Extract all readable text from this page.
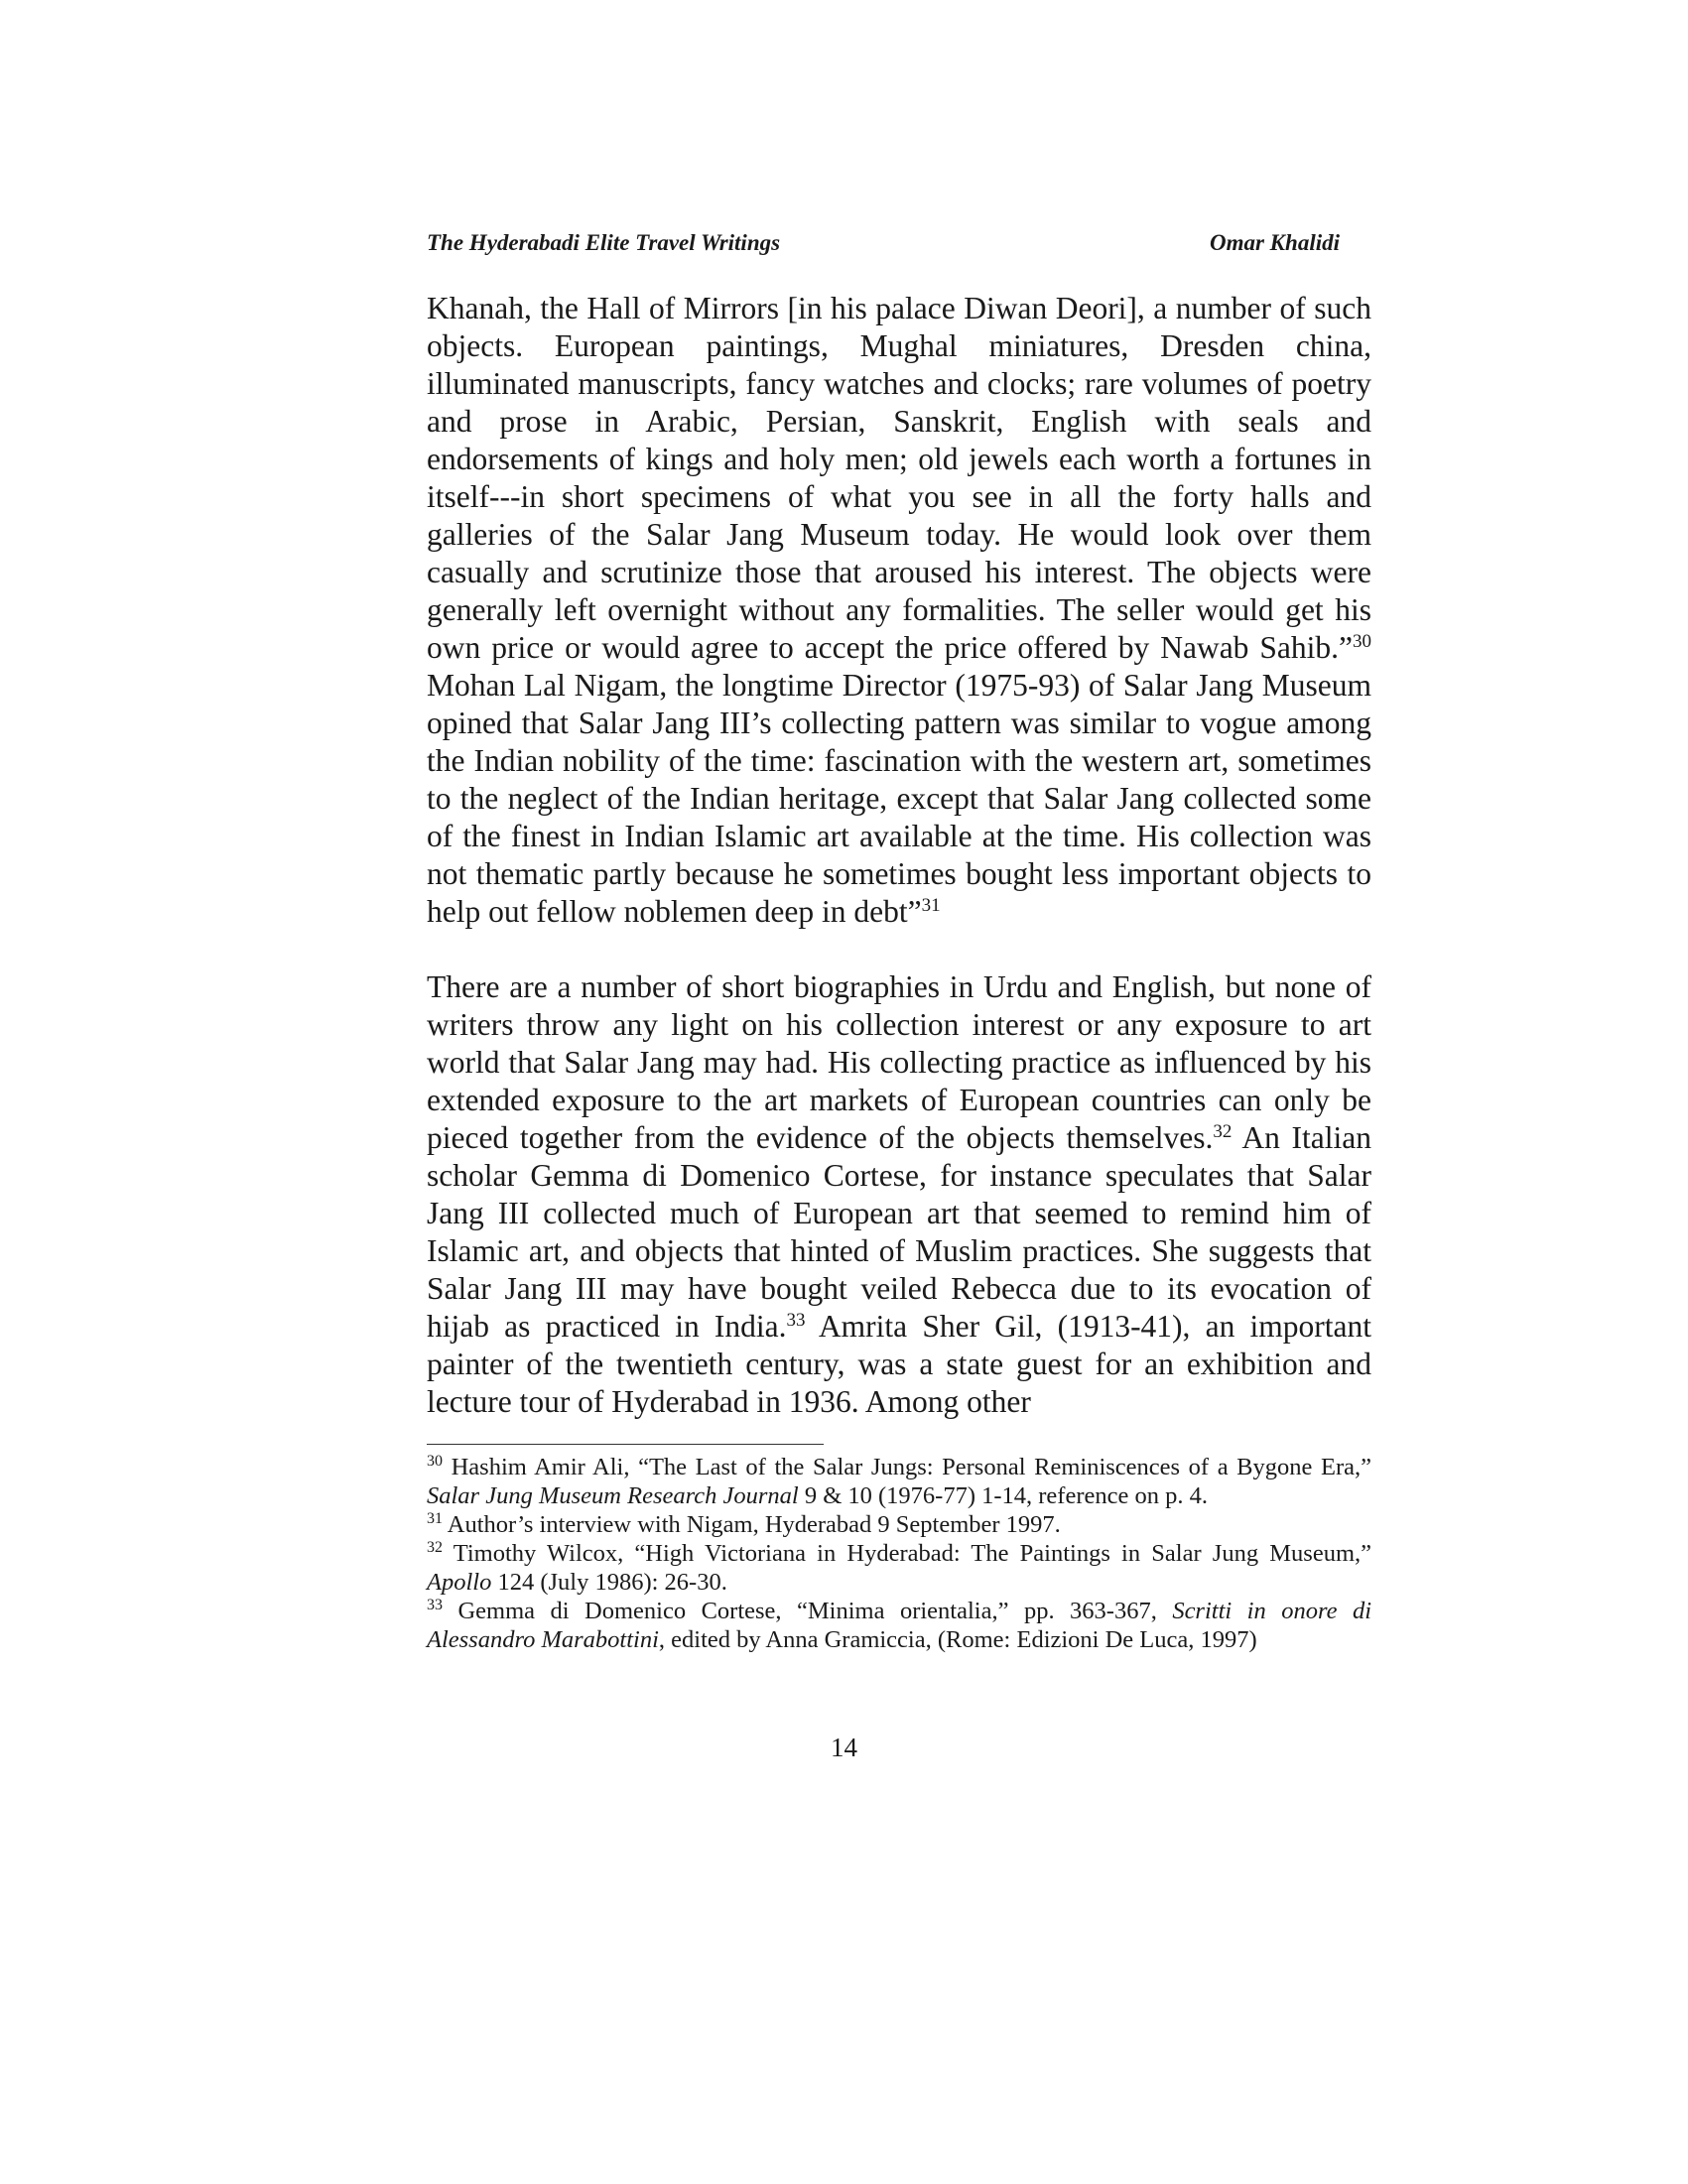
The Hyderabadi Elite Travel Writings	Omar Khalidi

Khanah, the Hall of Mirrors [in his palace Diwan Deori], a number of such objects. European paintings, Mughal miniatures, Dresden china, illuminated manuscripts, fancy watches and clocks; rare volumes of poetry and prose in Arabic, Persian, Sanskrit, English with seals and endorsements of kings and holy men; old jewels each worth a fortunes in itself---in short specimens of what you see in all the forty halls and galleries of the Salar Jang Museum today. He would look over them casually and scrutinize those that aroused his interest. The objects were generally left overnight without any formalities. The seller would get his own price or would agree to accept the price offered by Nawab Sahib.”$^{30}$ Mohan Lal Nigam, the longtime Director (1975-93) of Salar Jang Museum opined that Salar Jang III’s collecting pattern was similar to vogue among the Indian nobility of the time: fascination with the western art, sometimes to the neglect of the Indian heritage, except that Salar Jang collected some of the finest in Indian Islamic art available at the time. His collection was not thematic partly because he sometimes bought less important objects to help out fellow noblemen deep in debt”$^{31}$

There are a number of short biographies in Urdu and English, but none of writers throw any light on his collection interest or any exposure to art world that Salar Jang may had. His collecting practice as influenced by his extended exposure to the art markets of European countries can only be pieced together from the evidence of the objects themselves.$^{32}$ An Italian scholar Gemma di Domenico Cortese, for instance speculates that Salar Jang III collected much of European art that seemed to remind him of Islamic art, and objects that hinted of Muslim practices. She suggests that Salar Jang III may have bought veiled Rebecca due to its evocation of hijab as practiced in India.$^{33}$ Amrita Sher Gil, (1913-41), an important painter of the twentieth century, was a state guest for an exhibition and lecture tour of Hyderabad in 1936. Among other

$^{30}$ Hashim Amir Ali, “The Last of the Salar Jungs: Personal Reminiscences of a Bygone Era,” Salar Jung Museum Research Journal 9 & 10 (1976-77) 1-14, reference on p. 4.

$^{31}$ Author’s interview with Nigam, Hyderabad 9 September 1997.

$^{32}$ Timothy Wilcox, “High Victoriana in Hyderabad: The Paintings in Salar Jung Museum,” Apollo 124 (July 1986): 26-30.

$^{33}$ Gemma di Domenico Cortese, “Minima orientalia,” pp. 363-367, Scritti in onore di Alessandro Marabottini, edited by Anna Gramiccia, (Rome: Edizioni De Luca, 1997)

14
